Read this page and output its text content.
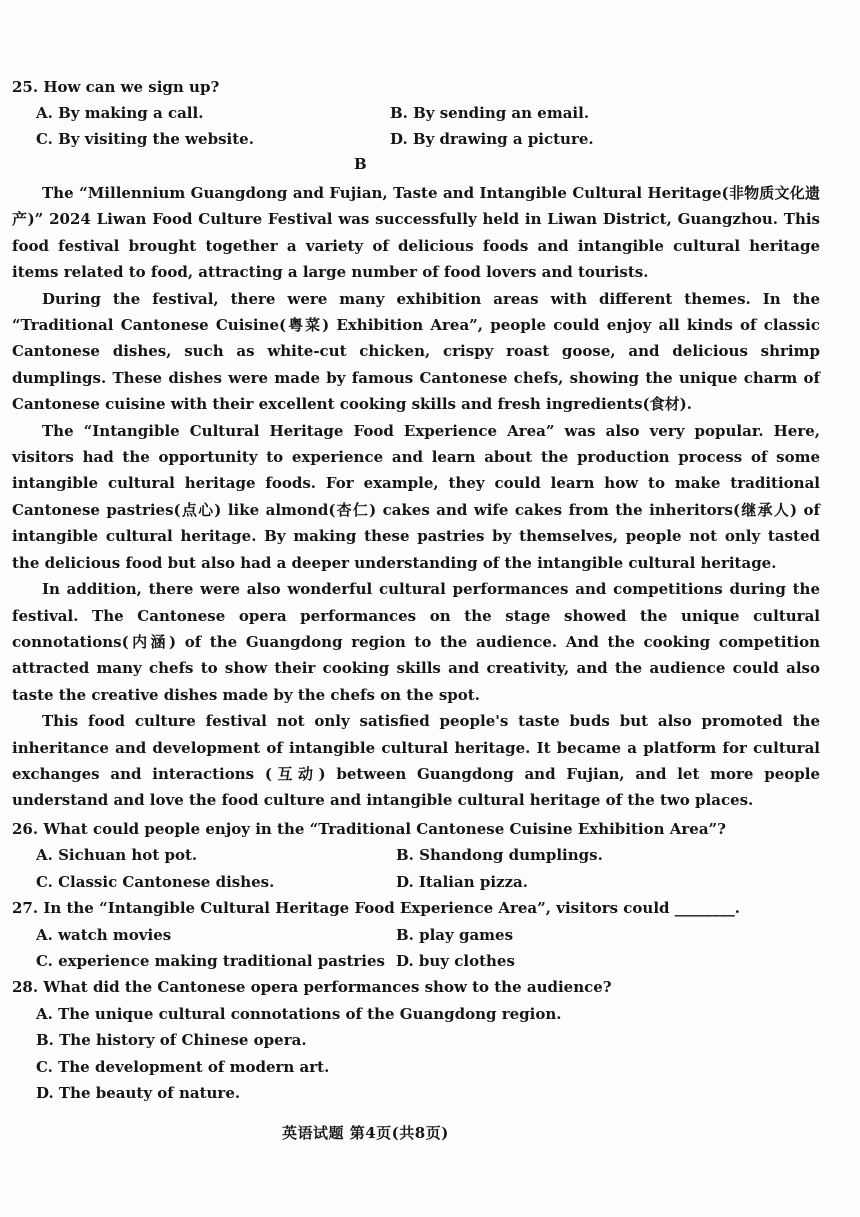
25. How can we sign up?
A. By making a call.	B. By sending an email.
C. By visiting the website.	D. By drawing a picture.
B

The “Millennium Guangdong and Fujian, Taste and Intangible Cultural Heritage(非物质文化遗产)” 2024 Liwan Food Culture Festival was successfully held in Liwan District, Guangzhou. This food festival brought together a variety of delicious foods and intangible cultural heritage items related to food, attracting a large number of food lovers and tourists.

During the festival, there were many exhibition areas with different themes. In the “Traditional Cantonese Cuisine(粤菜) Exhibition Area”, people could enjoy all kinds of classic Cantonese dishes, such as white-cut chicken, crispy roast goose, and delicious shrimp dumplings. These dishes were made by famous Cantonese chefs, showing the unique charm of Cantonese cuisine with their excellent cooking skills and fresh ingredients(食材).

The “Intangible Cultural Heritage Food Experience Area” was also very popular. Here, visitors had the opportunity to experience and learn about the production process of some intangible cultural heritage foods. For example, they could learn how to make traditional Cantonese pastries(点心) like almond(杏仁) cakes and wife cakes from the inheritors(继承人) of intangible cultural heritage. By making these pastries by themselves, people not only tasted the delicious food but also had a deeper understanding of the intangible cultural heritage.

In addition, there were also wonderful cultural performances and competitions during the festival. The Cantonese opera performances on the stage showed the unique cultural connotations(内涵) of the Guangdong region to the audience. And the cooking competition attracted many chefs to show their cooking skills and creativity, and the audience could also taste the creative dishes made by the chefs on the spot.

This food culture festival not only satisfied people's taste buds but also promoted the inheritance and development of intangible cultural heritage. It became a platform for cultural exchanges and interactions (互动) between Guangdong and Fujian, and let more people understand and love the food culture and intangible cultural heritage of the two places.

26. What could people enjoy in the “Traditional Cantonese Cuisine Exhibition Area”?
A. Sichuan hot pot.	B. Shandong dumplings.
C. Classic Cantonese dishes.	D. Italian pizza.
27. In the “Intangible Cultural Heritage Food Experience Area”, visitors could ________.
A. watch movies	B. play games
C. experience making traditional pastries D. buy clothes
28. What did the Cantonese opera performances show to the audience?
A. The unique cultural connotations of the Guangdong region.
B. The history of Chinese opera.
C. The development of modern art.
D. The beauty of nature.
英语试题 第4页(共8页)
